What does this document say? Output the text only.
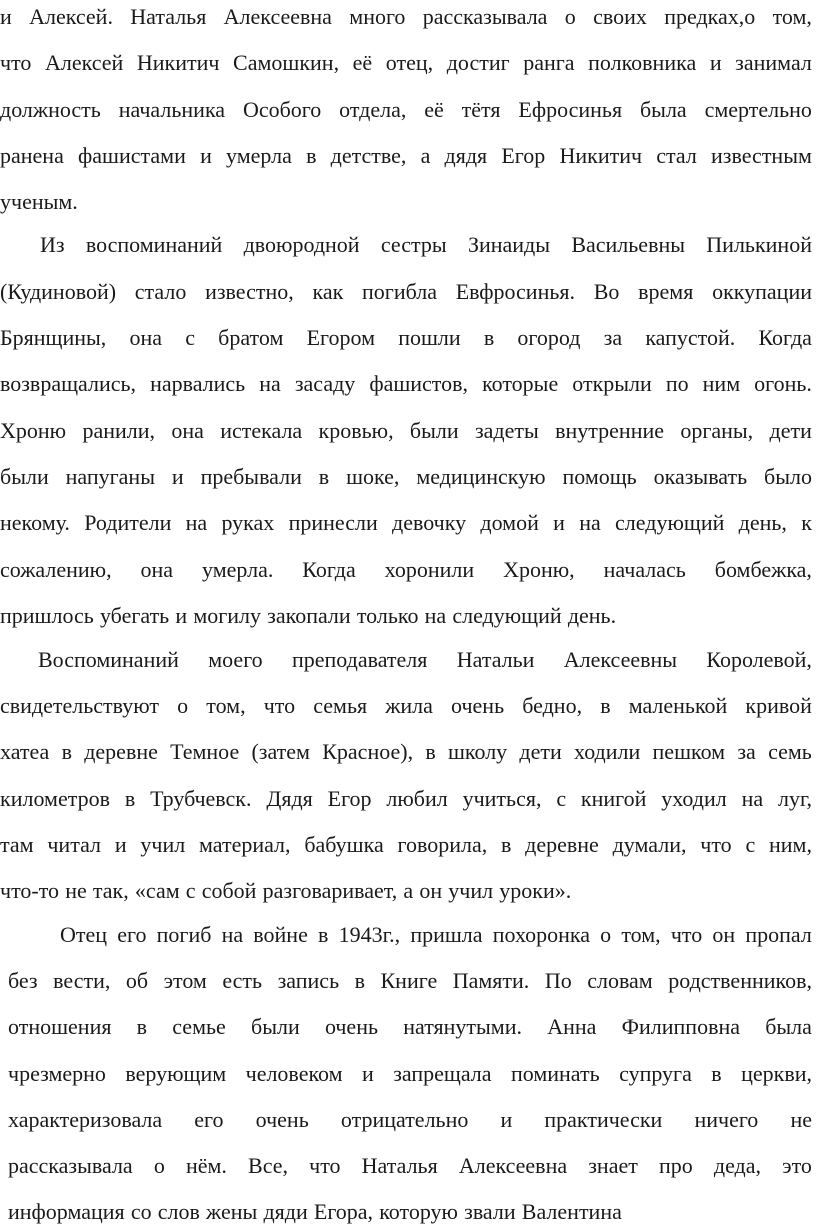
и Алексей. Наталья Алексеевна много рассказывала о своих предках,о том,
что Алексей Никитич Самошкин, её отец, достиг ранга полковника и занимал
должность начальника Особого отдела, её тётя Ефросинья была смертельно
ранена фашистами и умерла в детстве, а дядя Егор Никитич стал известным
ученым.
Из воспоминаний двоюродной сестры Зинаиды Васильевны Пилькиной
(Кудиновой) стало известно, как погибла Евфросинья. Во время оккупации
Брянщины, она с братом Егором пошли в огород за капустой. Когда
возвращались, нарвались на засаду фашистов, которые открыли по ним огонь.
Хроню ранили, она истекала кровью, были задеты внутренние органы, дети
были напуганы и пребывали в шоке, медицинскую помощь оказывать было
некому. Родители на руках принесли девочку домой и на следующий день, к
сожалению, она умерла. Когда хоронили Хроню, началась бомбежка,
пришлось убегать и могилу закопали только на следующий день.
Воспоминаний моего преподавателя Натальи Алексеевны Королевой,
свидетельствуют о том, что семья жила очень бедно, в маленькой кривой
хатеа в деревне Темное (затем Красное), в школу дети ходили пешком за семь
километров в Трубчевск. Дядя Егор любил учиться, с книгой уходил на луг,
там читал и учил материал, бабушка говорила, в деревне думали, что с ним,
что-то не так, «сам с собой разговаривает, а он учил уроки».
Отец его погиб на войне в 1943г., пришла похоронка о том, что он пропал
без вести, об этом есть запись в Книге Памяти. По словам родственников,
отношения в семье были очень натянутыми. Анна Филипповна была
чрезмерно верующим человеком и запрещала поминать супруга в церкви,
характеризовала его очень отрицательно и практически ничего не
рассказывала о нём. Все, что Наталья Алексеевна знает про деда, это
информация со слов жены дяди Егора, которую звали Валентина
